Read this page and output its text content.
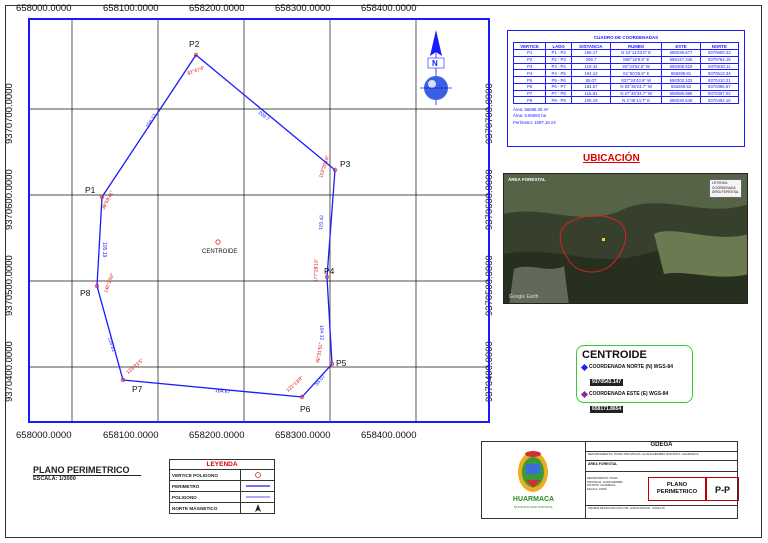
658000.0000	658100.0000	658200.0000	658300.0000	658400.0000
658000.0000	658100.0000	658200.0000	658300.0000	658400.0000
9370700.0000
9370600.0000
9370500.0000
9370400.0000
9370700.0000
9370600.0000
9370500.0000
9370400.0000
P1
P2
P3
P4
P5
P6
P7
P8
CENTROIDE
156.17	209.7
119.42
104.12
55.07
184.67
116.81
105.19
38°59'41"
82°47'4"
113°20'19"
177°28'10"
90°31'51"
121°13'8"
133°21'5"
140°2'52"
N
CUADRO DE COORDENADAS
VERTICE	LADO	DISTANCIA	RUMBO	ESTE	NORTE
P1	P1 - P2	156.17	N 34°11'33.0" E	658036.677	9370600.23
P2	P2 - P3	209.7	S50°16'8.5" E	658147.246	9370764.15
P3	P3 - P4	119.42	S9°34'52.6" W	658308.519	9370630.11
P4	P4 - P5	104.12	S1°50'25.5" E	658288.81	9370513.34
P5	P5 - P6	55.07	S37°34'43.6" W	658303.103	9370410.21
P6	P6 - P7	184.67	N 83°36'24.7" W	658269.52	9370386.57
P7	P7 - P8	116.81	N 27°45'34.7" W	658085.986	9370397.02
P8	P8 - P9	105.19	N 2°45'14.7" E	658030.648	9370492.15
Área: 66598.35 m²
Área: 6.65983 ha
Perímetro: 1097.16 ml
UBICACIÓN
ÁREA FORESTAL
LEYENDA
COORDENADA
ÁREA FORESTAL
Google Earth
CENTROIDE
COORDENADA NORTE (N) WGS-84
9370543.147
COORDENADA ESTE (E) WGS-84
658171.8654
PLANO PERIMETRICO
ESCALA: 1/3000
LEYENDA
VERTICE POLIGONO
PERIMETRO
POLIGONO
NORTE MAGNETICO
HUARMACA
MUNICIPALIDAD DISTRITAL
GDEGA
DEPARTAMENTO: PIURA PROVINCIA: HUANCABAMBA DISTRITO: HUARMACA
ÁREA FORESTAL
DEPARTAMENTO: PIURA
PROVINCIA: HUANCABAMBA
DISTRITO: HUARMACA
ESCALA: 1/3000
PLANO
PERIMETRICO	P-P
SISTEMA DE PROYECCION UTM - DATUM WGS-84 - ZONA 17S
